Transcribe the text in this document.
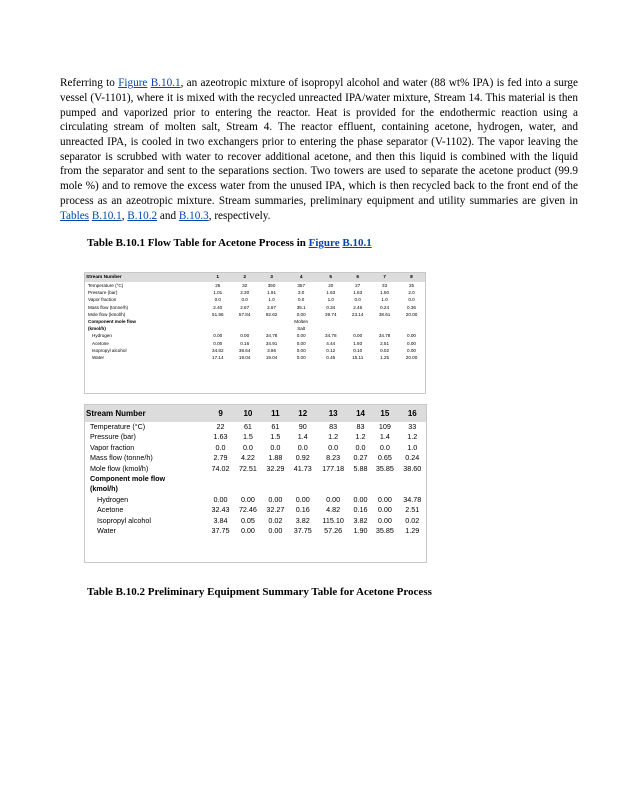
Referring to Figure B.10.1, an azeotropic mixture of isopropyl alcohol and water (88 wt% IPA) is fed into a surge vessel (V-1101), where it is mixed with the recycled unreacted IPA/water mixture, Stream 14. This material is then pumped and vaporized prior to entering the reactor. Heat is provided for the endothermic reaction using a circulating stream of molten salt, Stream 4. The reactor effluent, containing acetone, hydrogen, water, and unreacted IPA, is cooled in two exchangers prior to entering the phase separator (V-1102). The vapor leaving the separator is scrubbed with water to recover additional acetone, and then this liquid is combined with the liquid from the separator and sent to the separations section. Two towers are used to separate the acetone product (99.9 mole %) and to remove the excess water from the unused IPA, which is then recycled back to the front end of the process as an azeotropic mixture. Stream summaries, preliminary equipment and utility summaries are given in Tables B.10.1, B.10.2 and B.10.3, respectively.

Table B.10.1 Flow Table for Acetone Process in Figure B.10.1
Stream Number	1	2	3	4	5	6	7	8
Temperature (°C)	25	32	350	357	20	27	33	25
Pressure (bar)	1.01	2.30	1.91	3.0	1.63	1.63	1.50	2.0
Vapor fraction	0.0	0.0	1.0	0.0	1.0	0.0	1.0	0.0
Mass flow (tonne/h)	2.40	2.67	2.67	35.1	0.34	2.46	0.24	0.36
Mole flow (kmol/h)	51.96	57.84	92.62	0.00	39.74	23.14	38.61	20.00
Component mole flow				Molten				
(kmol/h)				Salt				
Hydrogen	0.00	0.00	34.78	0.00	34.78	0.00	34.78	0.00
Acetone	0.00	0.16	34.91	0.00	4.44	1.93	2.51	0.00
Isopropyl alcohol	34.82	38.64	3.86	0.00	0.12	0.10	0.02	0.00
Water	17.14	19.04	19.04	0.00	0.45	15.11	1.25	20.00
Stream Number	9	10	11	12	13	14	15	16
Temperature (°C)	22	61	61	90	83	83	109	33
Pressure (bar)	1.63	1.5	1.5	1.4	1.2	1.2	1.4	1.2
Vapor fraction	0.0	0.0	0.0	0.0	0.0	0.0	0.0	1.0
Mass flow (tonne/h)	2.79	4.22	1.88	0.92	8.23	0.27	0.65	0.24
Mole flow (kmol/h)	74.02	72.51	32.29	41.73	177.18	5.88	35.85	38.60
Component mole flow								
(kmol/h)								
Hydrogen	0.00	0.00	0.00	0.00	0.00	0.00	0.00	34.78
Acetone	32.43	72.46	32.27	0.16	4.82	0.16	0.00	2.51
Isopropyl alcohol	3.84	0.05	0.02	3.82	115.10	3.82	0.00	0.02
Water	37.75	0.00	0.00	37.75	57.26	1.90	35.85	1.29
Table B.10.2 Preliminary Equipment Summary Table for Acetone Process
